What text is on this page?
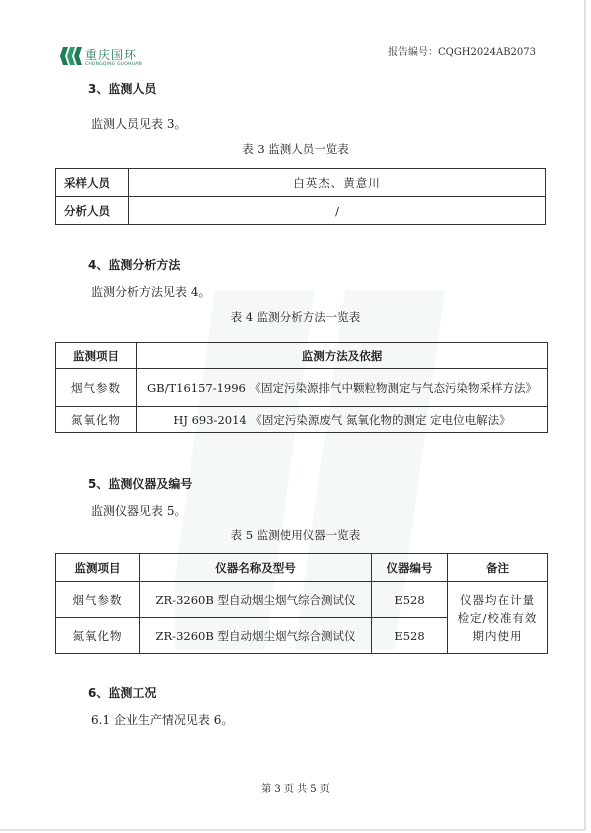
重庆国环
CHONGQING GUOHUAN
报告编号：CQGH2024AB2073
3、监测人员
监测人员见表 3。
表 3 监测人员一览表
采样人员	白英杰、黄意川
分析人员	/
4、监测分析方法
监测分析方法见表 4。
表 4 监测分析方法一览表
监测项目	监测方法及依据
烟气参数	GB/T16157-1996 《固定污染源排气中颗粒物测定与气态污染物采样方法》
氮氧化物	HJ 693-2014 《固定污染源废气 氮氧化物的测定 定电位电解法》
5、监测仪器及编号
监测仪器见表 5。
表 5 监测使用仪器一览表
监测项目	仪器名称及型号	仪器编号	备注
烟气参数	ZR-3260B 型自动烟尘烟气综合测试仪	E528	仪器均在计量检定/校准有效期内使用
氮氧化物	ZR-3260B 型自动烟尘烟气综合测试仪	E528	
6、监测工况
6.1 企业生产情况见表 6。
第 3 页 共 5 页
